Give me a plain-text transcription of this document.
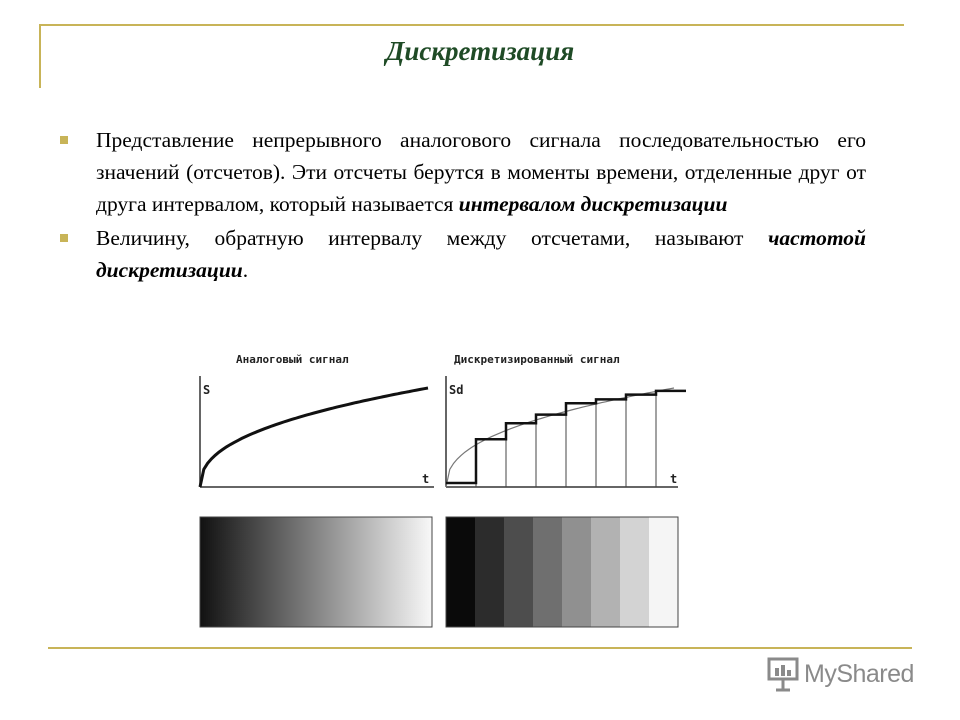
Дискретизация

Представление непрерывного аналогового сигнала последовательностью его значений (отсчетов). Эти отсчеты берутся в моменты времени, отделенные друг от друга интервалом, который называется интервалом дискретизации

Величину, обратную интервалу между отсчетами, называют частотой дискретизации.

Аналоговый сигнал
S
t
Дискретизированный сигнал
Sd
t
MyShared
